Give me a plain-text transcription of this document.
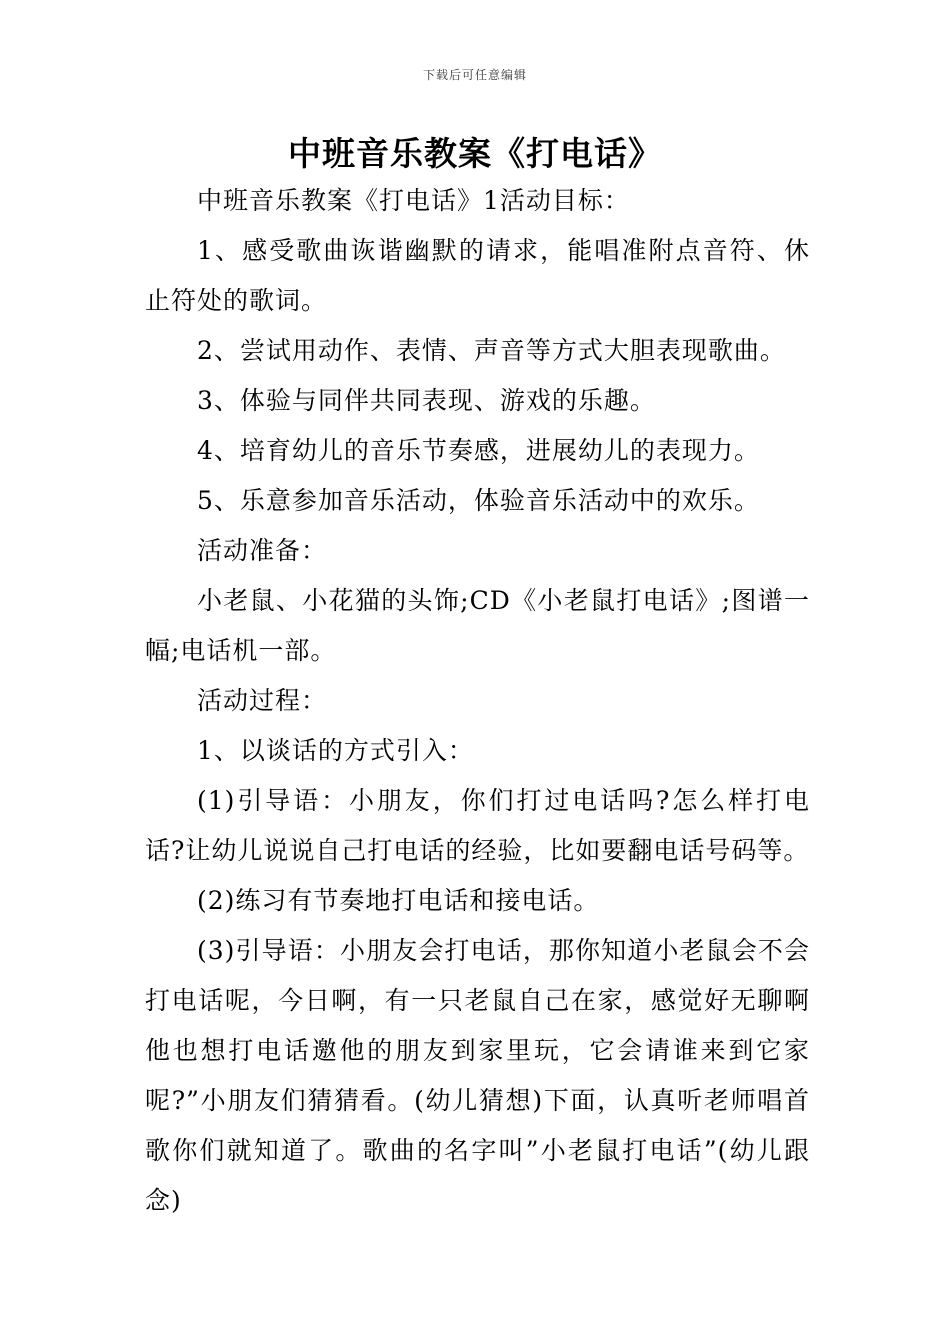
下载后可任意编辑
中班音乐教案《打电话》

中班音乐教案《打电话》1活动目标：

1、感受歌曲诙谐幽默的请求，能唱准附点音符、休止符处的歌词。

2、尝试用动作、表情、声音等方式大胆表现歌曲。

3、体验与同伴共同表现、游戏的乐趣。

4、培育幼儿的音乐节奏感，进展幼儿的表现力。

5、乐意参加音乐活动，体验音乐活动中的欢乐。

活动准备：

小老鼠、小花猫的头饰;CD《小老鼠打电话》;图谱一幅;电话机一部。

活动过程：

1、以谈话的方式引入：

(1)引导语：小朋友，你们打过电话吗?怎么样打电话?让幼儿说说自己打电话的经验，比如要翻电话号码等。

(2)练习有节奏地打电话和接电话。

(3)引导语：小朋友会打电话，那你知道小老鼠会不会打电话呢，今日啊，有一只老鼠自己在家，感觉好无聊啊他也想打电话邀他的朋友到家里玩，它会请谁来到它家呢?”小朋友们猜猜看。(幼儿猜想)下面，认真听老师唱首歌你们就知道了。歌曲的名字叫”小老鼠打电话”(幼儿跟念)
